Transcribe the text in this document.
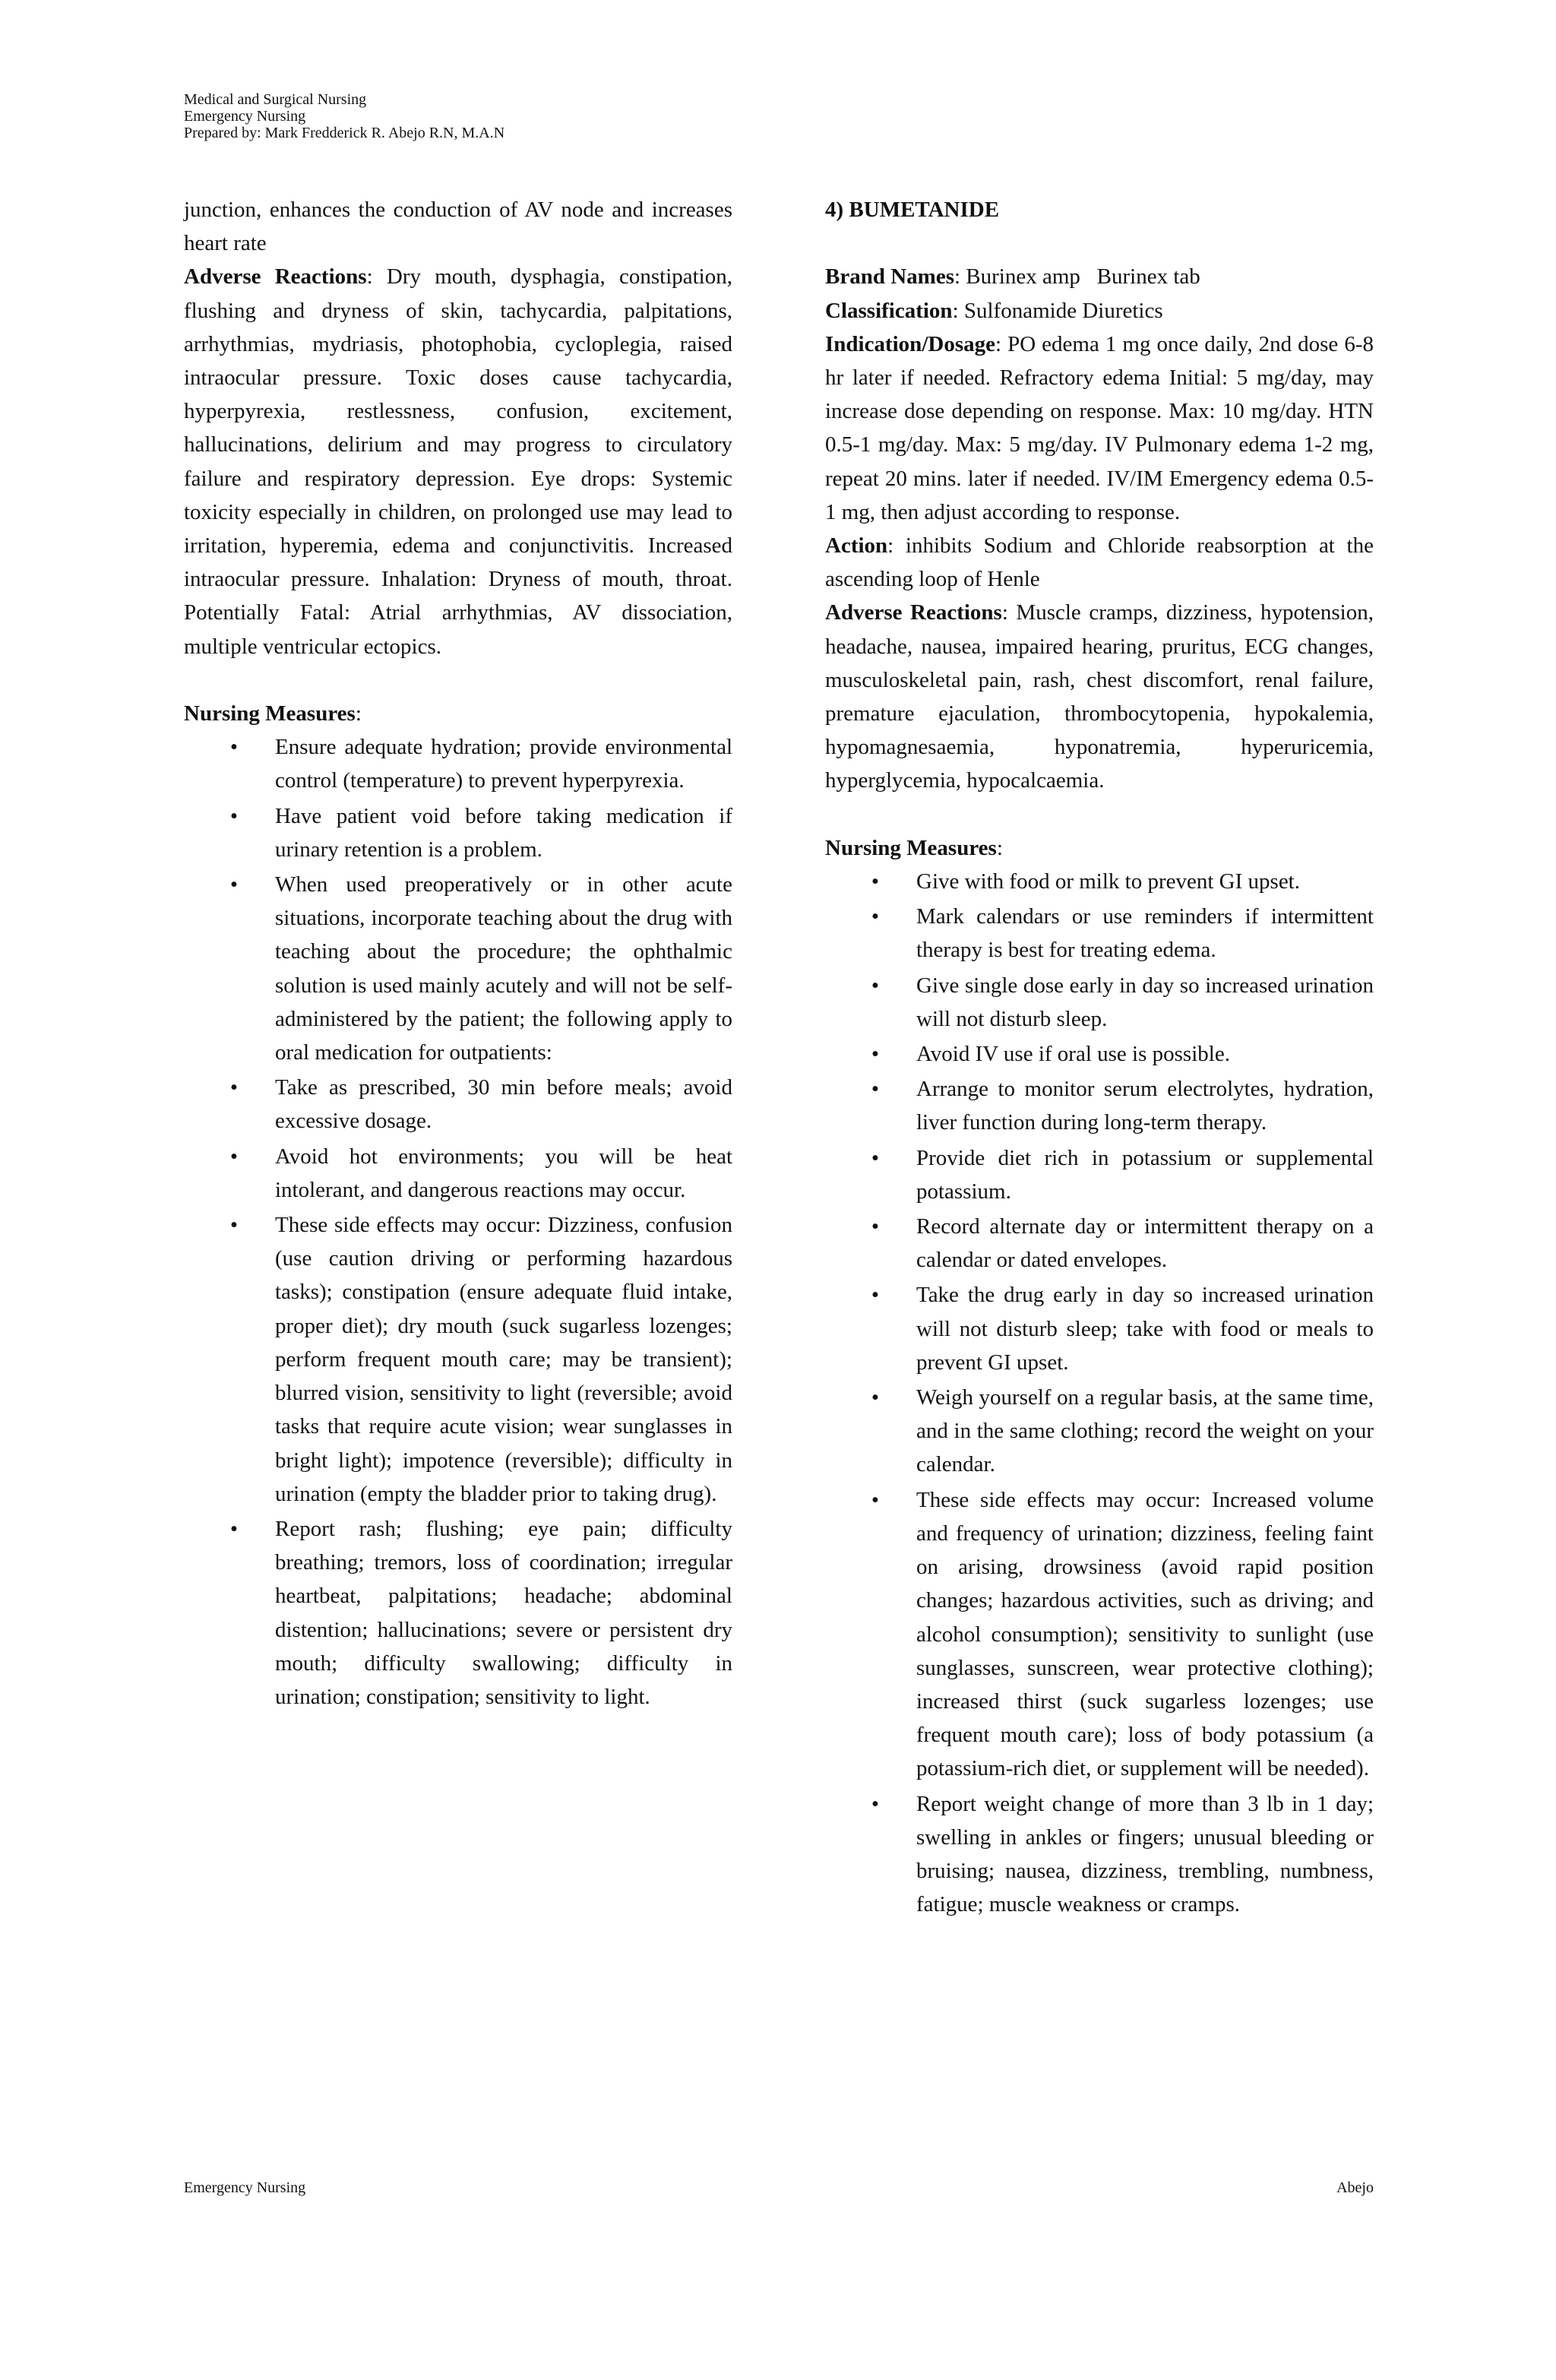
Medical and Surgical Nursing
Emergency Nursing
Prepared by: Mark Fredderick R. Abejo R.N, M.A.N

junction, enhances the conduction of AV node and increases heart rate

Adverse Reactions: Dry mouth, dysphagia, constipation, flushing and dryness of skin, tachycardia, palpitations, arrhythmias, mydriasis, photophobia, cycloplegia, raised intraocular pressure. Toxic doses cause tachycardia, hyperpyrexia, restlessness, confusion, excitement, hallucinations, delirium and may progress to circulatory failure and respiratory depression. Eye drops: Systemic toxicity especially in children, on prolonged use may lead to irritation, hyperemia, edema and conjunctivitis. Increased intraocular pressure. Inhalation: Dryness of mouth, throat. Potentially Fatal: Atrial arrhythmias, AV dissociation, multiple ventricular ectopics.

Nursing Measures:

• Ensure adequate hydration; provide environmental control (temperature) to prevent hyperpyrexia.
• Have patient void before taking medication if urinary retention is a problem.
• When used preoperatively or in other acute situations, incorporate teaching about the drug with teaching about the procedure; the ophthalmic solution is used mainly acutely and will not be self-administered by the patient; the following apply to oral medication for outpatients:
• Take as prescribed, 30 min before meals; avoid excessive dosage.
• Avoid hot environments; you will be heat intolerant, and dangerous reactions may occur.
• These side effects may occur: Dizziness, confusion (use caution driving or performing hazardous tasks); constipation (ensure adequate fluid intake, proper diet); dry mouth (suck sugarless lozenges; perform frequent mouth care; may be transient); blurred vision, sensitivity to light (reversible; avoid tasks that require acute vision; wear sunglasses in bright light); impotence (reversible); difficulty in urination (empty the bladder prior to taking drug).
• Report rash; flushing; eye pain; difficulty breathing; tremors, loss of coordination; irregular heartbeat, palpitations; headache; abdominal distention; hallucinations; severe or persistent dry mouth; difficulty swallowing; difficulty in urination; constipation; sensitivity to light.

4) BUMETANIDE

Brand Names: Burinex amp   Burinex tab

Classification: Sulfonamide Diuretics

Indication/Dosage: PO edema 1 mg once daily, 2nd dose 6-8 hr later if needed. Refractory edema Initial: 5 mg/day, may increase dose depending on response. Max: 10 mg/day. HTN 0.5-1 mg/day. Max: 5 mg/day. IV Pulmonary edema 1-2 mg, repeat 20 mins. later if needed. IV/IM Emergency edema 0.5-1 mg, then adjust according to response.

Action: inhibits Sodium and Chloride reabsorption at the ascending loop of Henle

Adverse Reactions: Muscle cramps, dizziness, hypotension, headache, nausea, impaired hearing, pruritus, ECG changes, musculoskeletal pain, rash, chest discomfort, renal failure, premature ejaculation, thrombocytopenia, hypokalemia, hypomagnesaemia, hyponatremia, hyperuricemia, hyperglycemia, hypocalcaemia.

Nursing Measures:

• Give with food or milk to prevent GI upset.
• Mark calendars or use reminders if intermittent therapy is best for treating edema.
• Give single dose early in day so increased urination will not disturb sleep.
• Avoid IV use if oral use is possible.
• Arrange to monitor serum electrolytes, hydration, liver function during long-term therapy.
• Provide diet rich in potassium or supplemental potassium.
• Record alternate day or intermittent therapy on a calendar or dated envelopes.
• Take the drug early in day so increased urination will not disturb sleep; take with food or meals to prevent GI upset.
• Weigh yourself on a regular basis, at the same time, and in the same clothing; record the weight on your calendar.
• These side effects may occur: Increased volume and frequency of urination; dizziness, feeling faint on arising, drowsiness (avoid rapid position changes; hazardous activities, such as driving; and alcohol consumption); sensitivity to sunlight (use sunglasses, sunscreen, wear protective clothing); increased thirst (suck sugarless lozenges; use frequent mouth care); loss of body potassium (a potassium-rich diet, or supplement will be needed).
• Report weight change of more than 3 lb in 1 day; swelling in ankles or fingers; unusual bleeding or bruising; nausea, dizziness, trembling, numbness, fatigue; muscle weakness or cramps.
Emergency Nursing	Abejo
